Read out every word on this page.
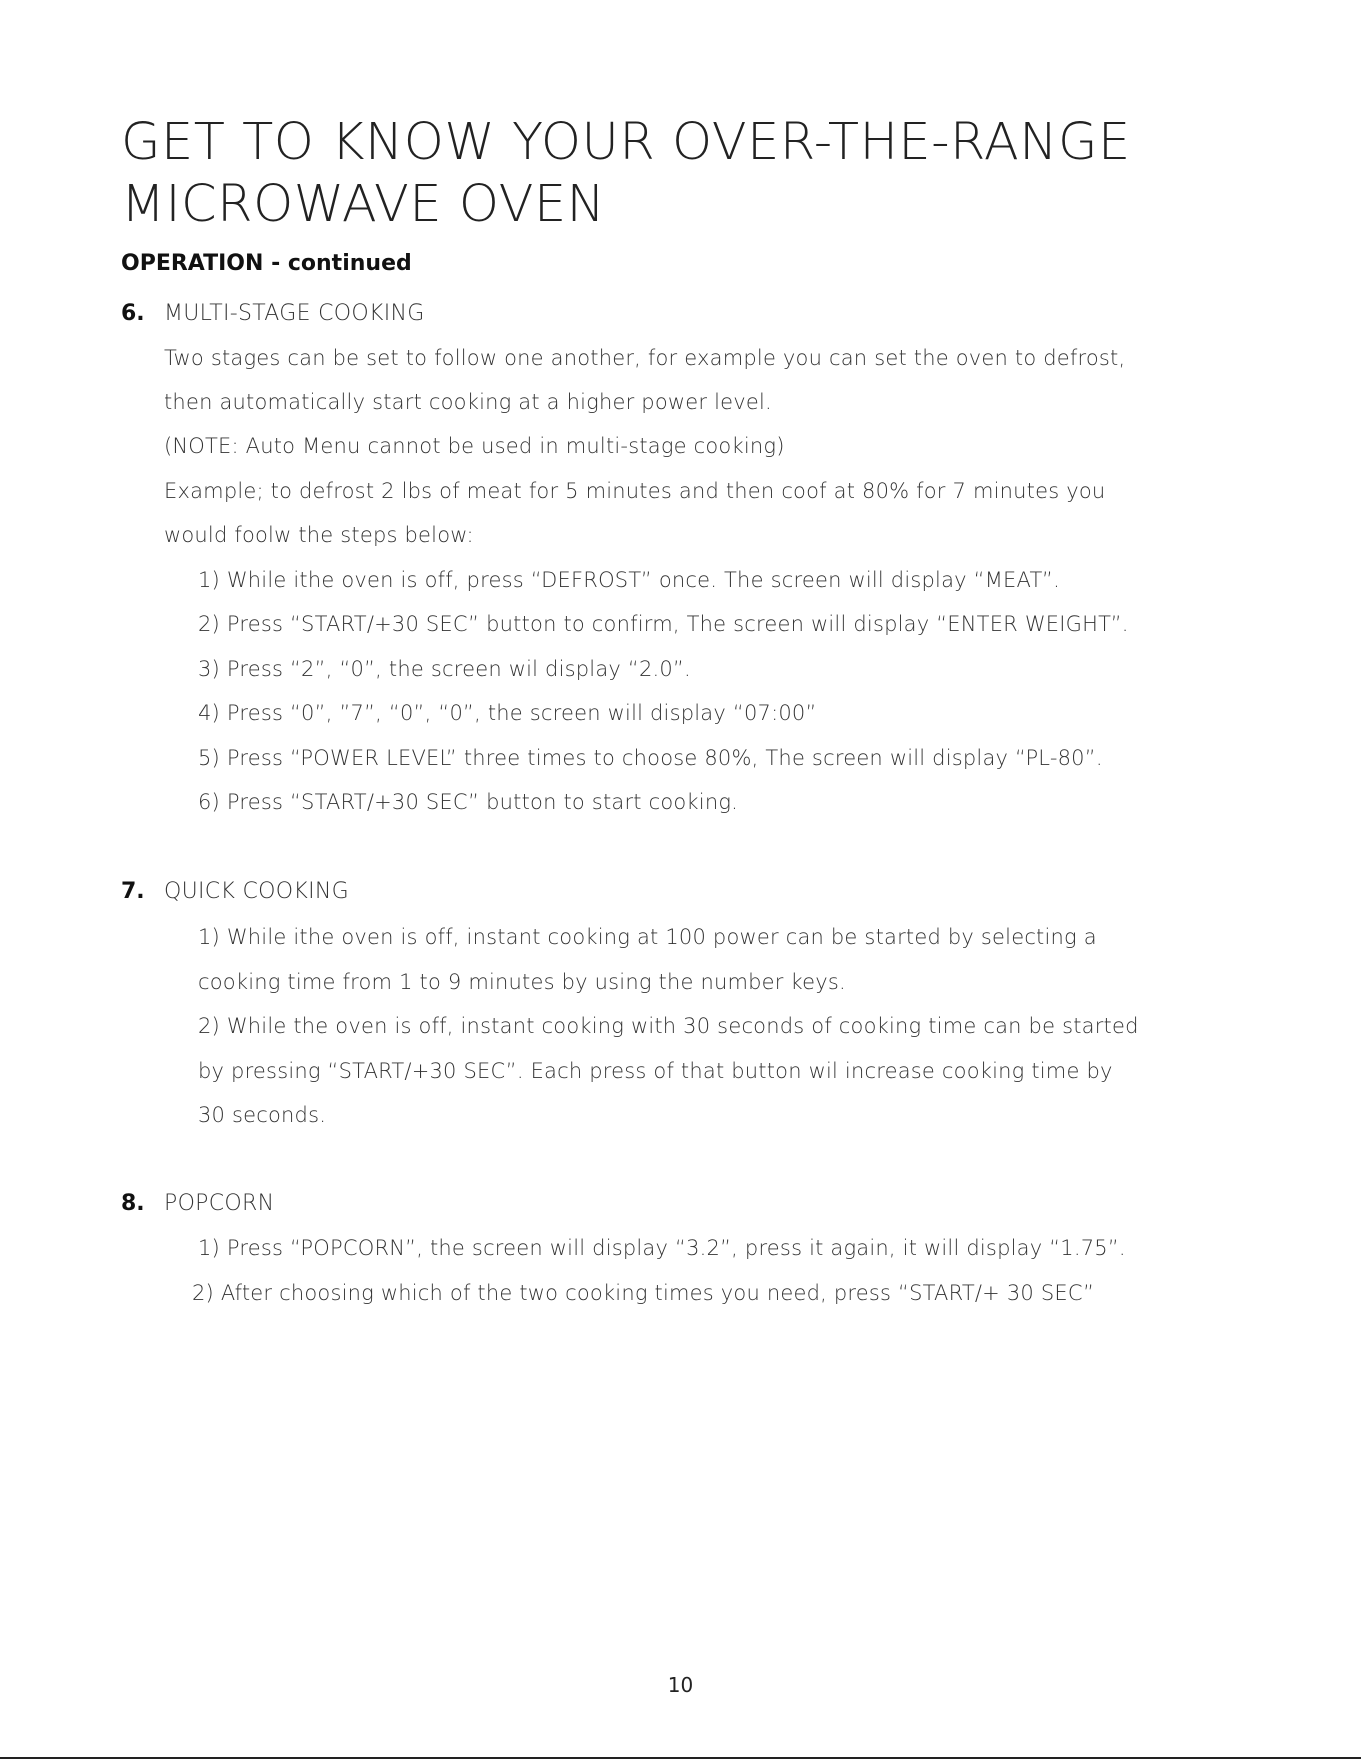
GET TO KNOW YOUR OVER-THE-RANGE
MICROWAVE OVEN
OPERATION - continued
6. MULTI-STAGE COOKING
Two stages can be set to follow one another, for example you can set the oven to defrost,
then automatically start cooking at a higher power level.
(NOTE: Auto Menu cannot be used in multi-stage cooking)
Example; to defrost 2 lbs of meat for 5 minutes and then coof at 80% for 7 minutes you
would foolw the steps below:
1) While ithe oven is off, press “DEFROST” once. The screen will display “MEAT”.
2) Press “START/+30 SEC” button to confirm, The screen will display “ENTER WEIGHT”.
3) Press “2”, “0”, the screen wil display “2.0”.
4) Press “0”, ”7”, “0”, “0”, the screen will display “07:00”
5) Press “POWER LEVEL” three times to choose 80%, The screen will display “PL-80”.
6) Press “START/+30 SEC” button to start cooking.
7. QUICK COOKING
1) While ithe oven is off, instant cooking at 100 power can be started by selecting a
cooking time from 1 to 9 minutes by using the number keys.
2) While the oven is off, instant cooking with 30 seconds of cooking time can be started
by pressing “START/+30 SEC”. Each press of that button wil increase cooking time by
30 seconds.
8. POPCORN
1) Press “POPCORN”, the screen will display “3.2”, press it again, it will display “1.75”.
2) After choosing which of the two cooking times you need, press “START/+ 30 SEC”
10
